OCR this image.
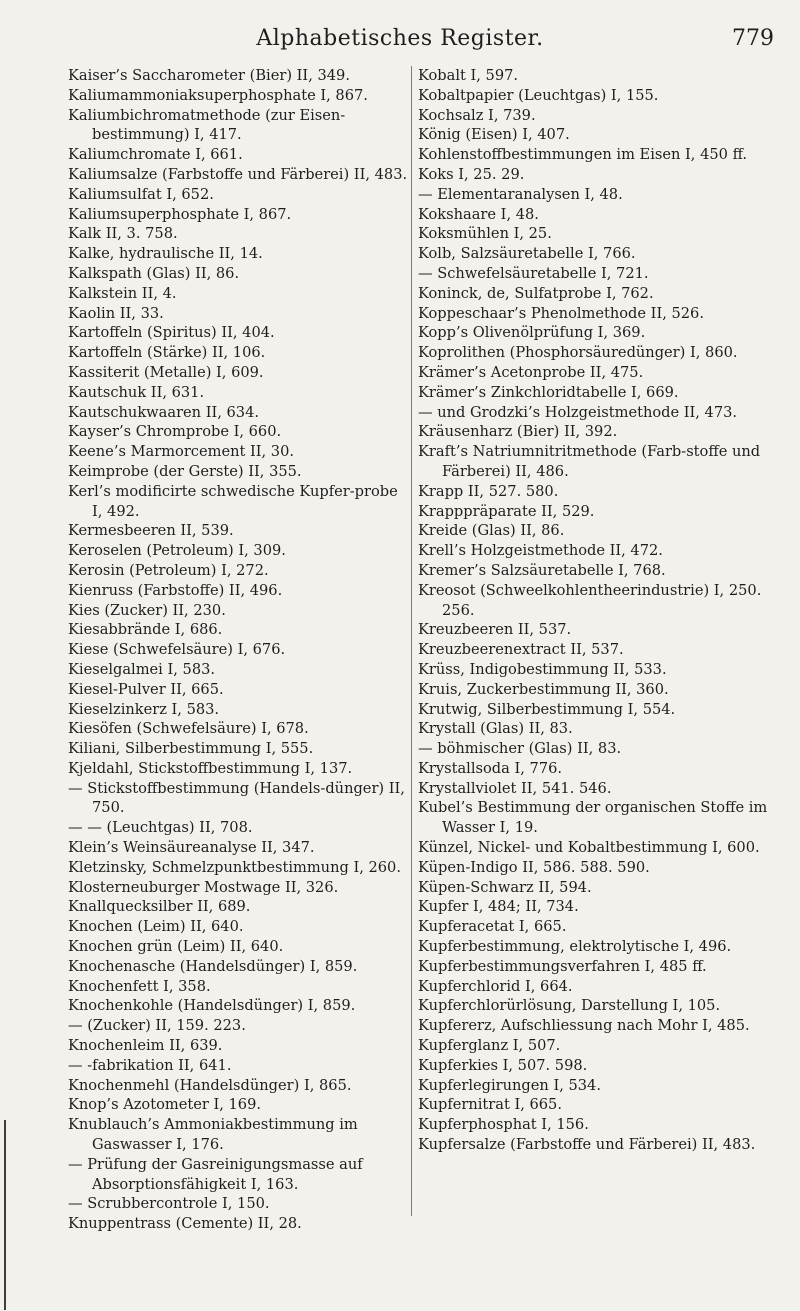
Alphabetisches Register.	779
Kaiser’s Saccharometer (Bier) II, 349.
Kaliumammoniaksuperphosphate I, 867.
Kaliumbichromatmethode (zur Eisen-bestimmung) I, 417.
Kaliumchromate I, 661.
Kaliumsalze (Farbstoffe und Färberei) II, 483.
Kaliumsulfat I, 652.
Kaliumsuperphosphate I, 867.
Kalk II, 3. 758.
Kalke, hydraulische II, 14.
Kalkspath (Glas) II, 86.
Kalkstein II, 4.
Kaolin II, 33.
Kartoffeln (Spiritus) II, 404.
Kartoffeln (Stärke) II, 106.
Kassiterit (Metalle) I, 609.
Kautschuk II, 631.
Kautschukwaaren II, 634.
Kayser’s Chromprobe I, 660.
Keene’s Marmorcement II, 30.
Keimprobe (der Gerste) II, 355.
Kerl’s modificirte schwedische Kupfer-probe I, 492.
Kermesbeeren II, 539.
Keroselen (Petroleum) I, 309.
Kerosin (Petroleum) I, 272.
Kienruss (Farbstoffe) II, 496.
Kies (Zucker) II, 230.
Kiesabbrände I, 686.
Kiese (Schwefelsäure) I, 676.
Kieselgalmei I, 583.
Kiesel-Pulver II, 665.
Kieselzinkerz I, 583.
Kiesöfen (Schwefelsäure) I, 678.
Kiliani, Silberbestimmung I, 555.
Kjeldahl, Stickstoffbestimmung I, 137.
— Stickstoffbestimmung (Handels-dünger) II, 750.
— — (Leuchtgas) II, 708.
Klein’s Weinsäureanalyse II, 347.
Kletzinsky, Schmelzpunktbestimmung I, 260.
Klosterneuburger Mostwage II, 326.
Knallquecksilber II, 689.
Knochen (Leim) II, 640.
Knochen grün (Leim) II, 640.
Knochenasche (Handelsdünger) I, 859.
Knochenfett I, 358.
Knochenkohle (Handelsdünger) I, 859.
— (Zucker) II, 159. 223.
Knochenleim II, 639.
— -fabrikation II, 641.
Knochenmehl (Handelsdünger) I, 865.
Knop’s Azotometer I, 169.
Knublauch’s Ammoniakbestimmung im Gaswasser I, 176.
— Prüfung der Gasreinigungsmasse auf Absorptionsfähigkeit I, 163.
— Scrubbercontrole I, 150.
Knuppentrass (Cemente) II, 28.
Kobalt I, 597.
Kobaltpapier (Leuchtgas) I, 155.
Kochsalz I, 739.
König (Eisen) I, 407.
Kohlenstoffbestimmungen im Eisen I, 450 ff.
Koks I, 25. 29.
— Elementaranalysen I, 48.
Kokshaare I, 48.
Koksmühlen I, 25.
Kolb, Salzsäuretabelle I, 766.
— Schwefelsäuretabelle I, 721.
Koninck, de, Sulfatprobe I, 762.
Koppeschaar’s Phenolmethode II, 526.
Kopp’s Olivenölprüfung I, 369.
Koprolithen (Phosphorsäuredünger) I, 860.
Krämer’s Acetonprobe II, 475.
Krämer’s Zinkchloridtabelle I, 669.
— und Grodzki’s Holzgeistmethode II, 473.
Kräusenharz (Bier) II, 392.
Kraft’s Natriumnitritmethode (Farb-stoffe und Färberei) II, 486.
Krapp II, 527. 580.
Krapppräparate II, 529.
Kreide (Glas) II, 86.
Krell’s Holzgeistmethode II, 472.
Kremer’s Salzsäuretabelle I, 768.
Kreosot (Schweelkohlentheerindustrie) I, 250. 256.
Kreuzbeeren II, 537.
Kreuzbeerenextract II, 537.
Krüss, Indigobestimmung II, 533.
Kruis, Zuckerbestimmung II, 360.
Krutwig, Silberbestimmung I, 554.
Krystall (Glas) II, 83.
— böhmischer (Glas) II, 83.
Krystallsoda I, 776.
Krystallviolet II, 541. 546.
Kubel’s Bestimmung der organischen Stoffe im Wasser I, 19.
Künzel, Nickel- und Kobaltbestimmung I, 600.
Küpen-Indigo II, 586. 588. 590.
Küpen-Schwarz II, 594.
Kupfer I, 484; II, 734.
Kupferacetat I, 665.
Kupferbestimmung, elektrolytische I, 496.
Kupferbestimmungsverfahren I, 485 ff.
Kupferchlorid I, 664.
Kupferchlorürlösung, Darstellung I, 105.
Kupfererz, Aufschliessung nach Mohr I, 485.
Kupferglanz I, 507.
Kupferkies I, 507. 598.
Kupferlegirungen I, 534.
Kupfernitrat I, 665.
Kupferphosphat I, 156.
Kupfersalze (Farbstoffe und Färberei) II, 483.
